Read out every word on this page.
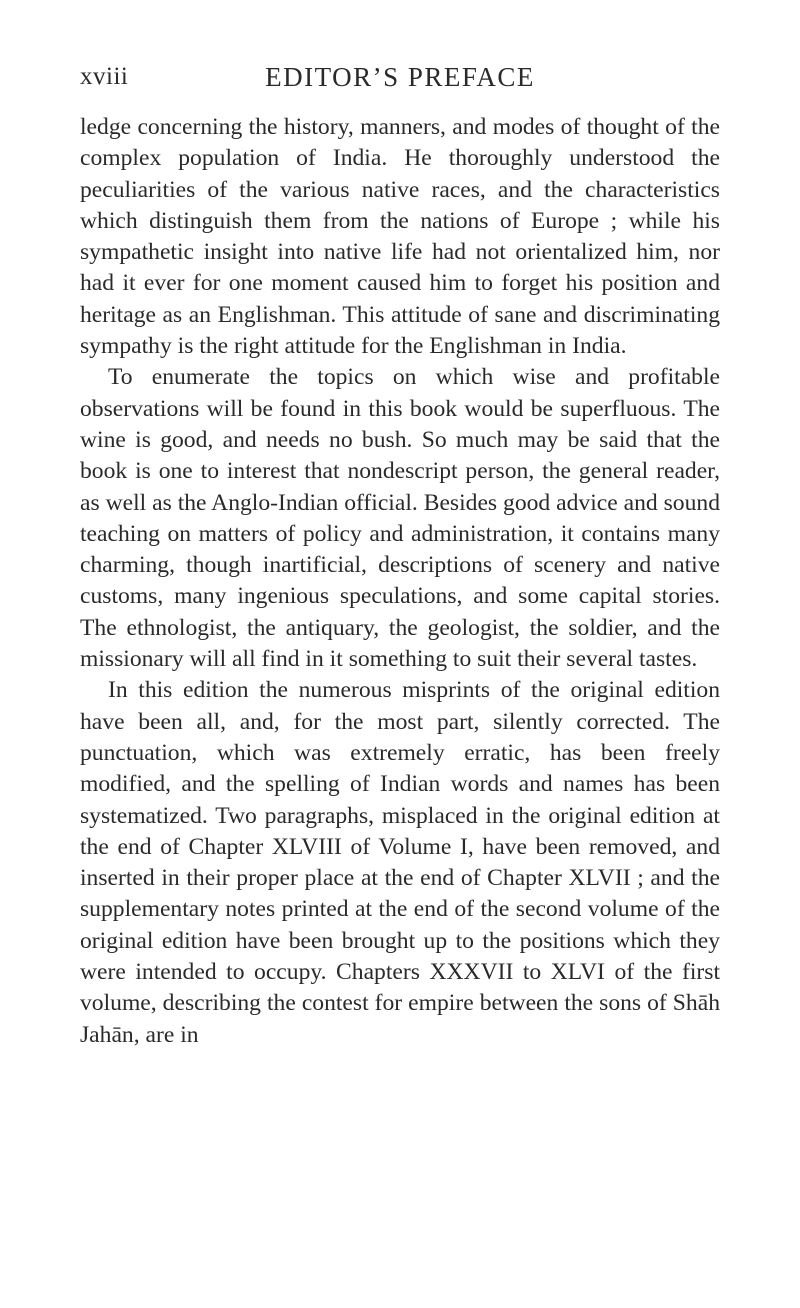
xviii	EDITOR’S PREFACE

ledge concerning the history, manners, and modes of thought of the complex population of India. He thoroughly understood the peculiarities of the various native races, and the characteristics which distinguish them from the nations of Europe ; while his sympathetic insight into native life had not orientalized him, nor had it ever for one moment caused him to forget his position and heritage as an Englishman. This attitude of sane and discriminating sympathy is the right attitude for the Englishman in India.

To enumerate the topics on which wise and profitable observations will be found in this book would be superfluous. The wine is good, and needs no bush. So much may be said that the book is one to interest that nondescript person, the general reader, as well as the Anglo-Indian official. Besides good advice and sound teaching on matters of policy and administration, it contains many charming, though inartificial, descriptions of scenery and native customs, many ingenious speculations, and some capital stories. The ethnologist, the antiquary, the geologist, the soldier, and the missionary will all find in it something to suit their several tastes.

In this edition the numerous misprints of the original edition have been all, and, for the most part, silently corrected. The punctuation, which was extremely erratic, has been freely modified, and the spelling of Indian words and names has been systematized. Two paragraphs, misplaced in the original edition at the end of Chapter XLVIII of Volume I, have been removed, and inserted in their proper place at the end of Chapter XLVII ; and the supplementary notes printed at the end of the second volume of the original edition have been brought up to the positions which they were intended to occupy. Chapters XXXVII to XLVI of the first volume, describing the contest for empire between the sons of Shāh Jahān, are in
